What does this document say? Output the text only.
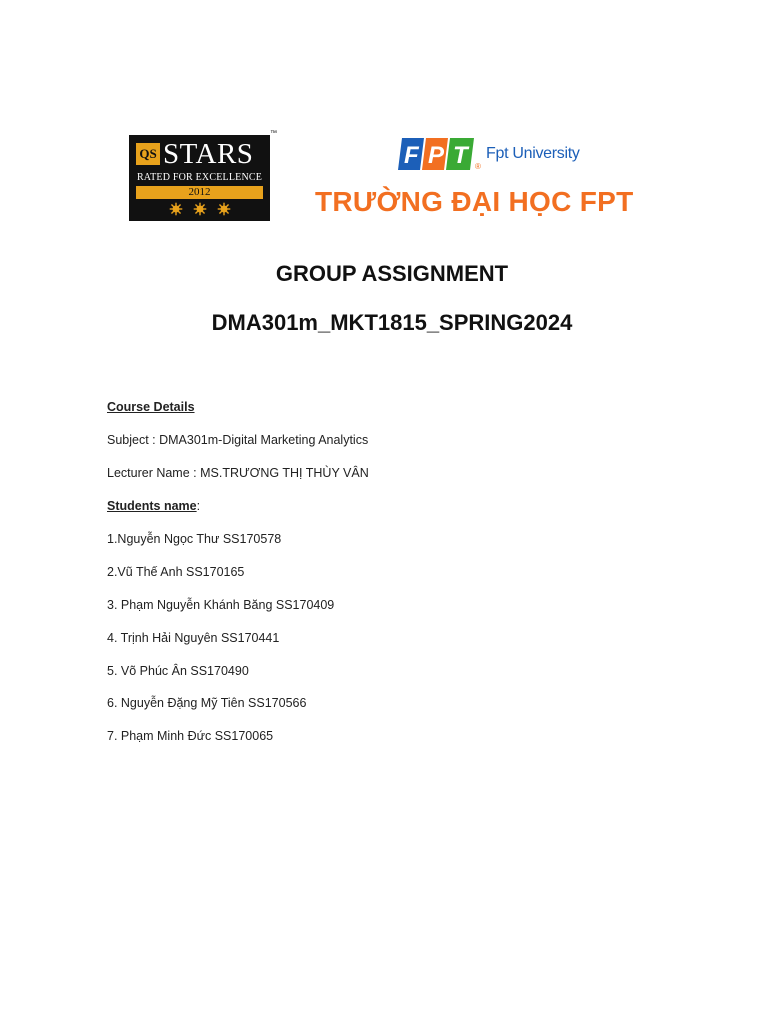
QS STARS
™
RATED FOR EXCELLENCE
2012
F P T ®
Fpt University
TRƯỜNG ĐẠI HỌC FPT
GROUP ASSIGNMENT
DMA301m_MKT1815_SPRING2024
Course Details
Subject : DMA301m-Digital Marketing Analytics
Lecturer Name : MS.TRƯƠNG THỊ THÙY VÂN
Students name:
1.Nguyễn Ngọc Thư SS170578
2.Vũ Thế Anh SS170165
3. Phạm Nguyễn Khánh Băng SS170409
4. Trịnh Hải Nguyên SS170441
5. Võ Phúc Ân SS170490
6. Nguyễn Đặng Mỹ Tiên SS170566
7. Phạm Minh Đức SS170065
